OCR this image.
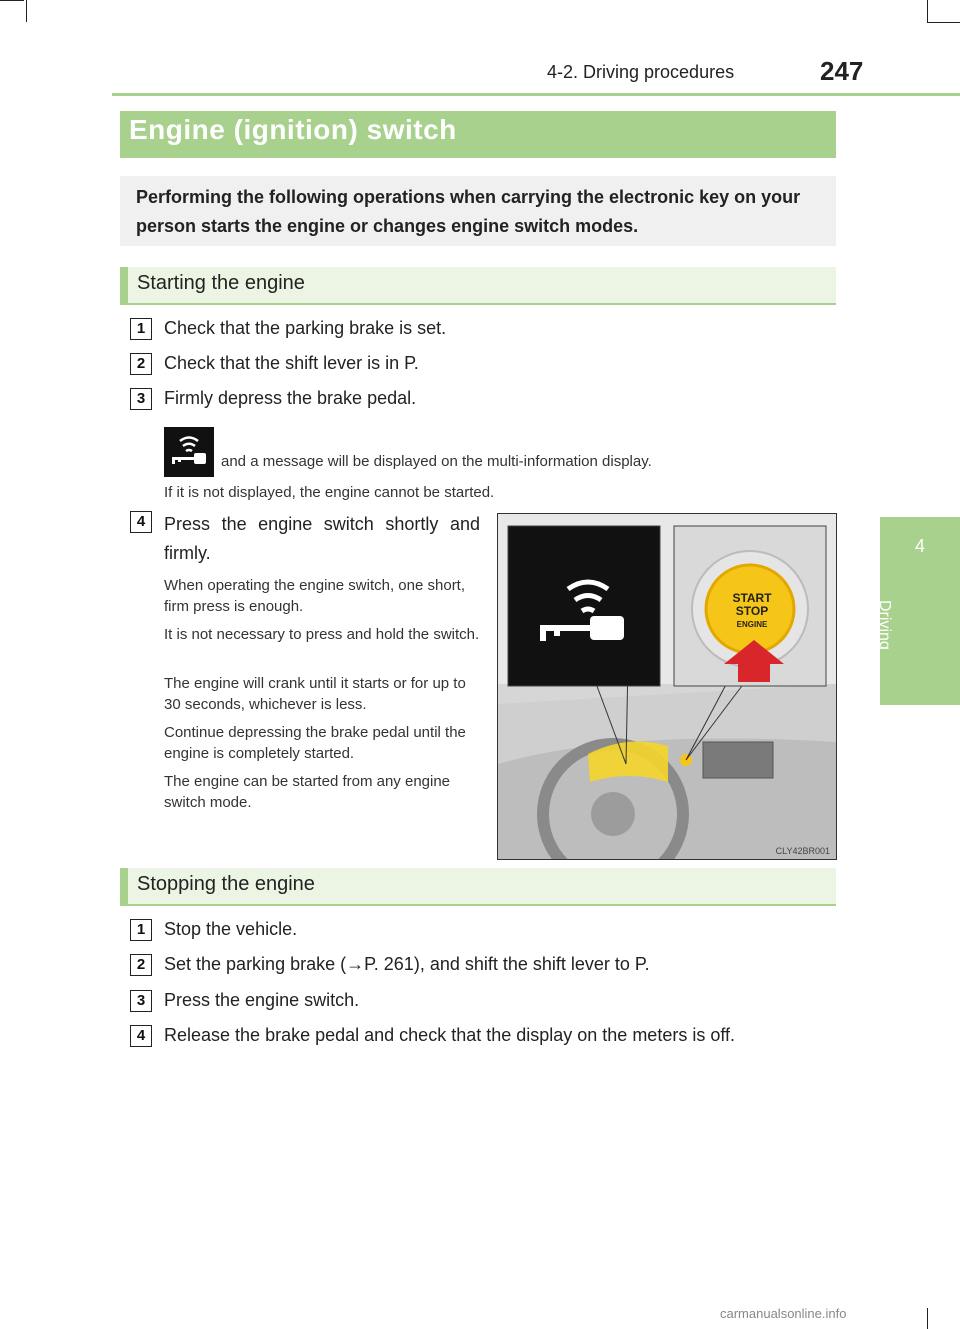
4-2. Driving procedures	247
4
Driving
Engine (ignition) switch
Performing the following operations when carrying the electronic key on your person starts the engine or changes engine switch modes.
Starting the engine
1	Check that the parking brake is set.
2	Check that the shift lever is in P.
3	Firmly depress the brake pedal.
and a message will be displayed on the multi-information display.
If it is not displayed, the engine cannot be started.
4	Press the engine switch shortly and firmly.
When operating the engine switch, one short, firm press is enough.
It is not necessary to press and hold the switch.
The engine will crank until it starts or for up to 30 seconds, whichever is less.
Continue depressing the brake pedal until the engine is completely started.
The engine can be started from any engine switch mode.
START
STOP
ENGINE
CLY42BR001
Stopping the engine
1	Stop the vehicle.
2	Set the parking brake (→P. 261), and shift the shift lever to P.
3	Press the engine switch.
4	Release the brake pedal and check that the display on the meters is off.
carmanualsonline.info
